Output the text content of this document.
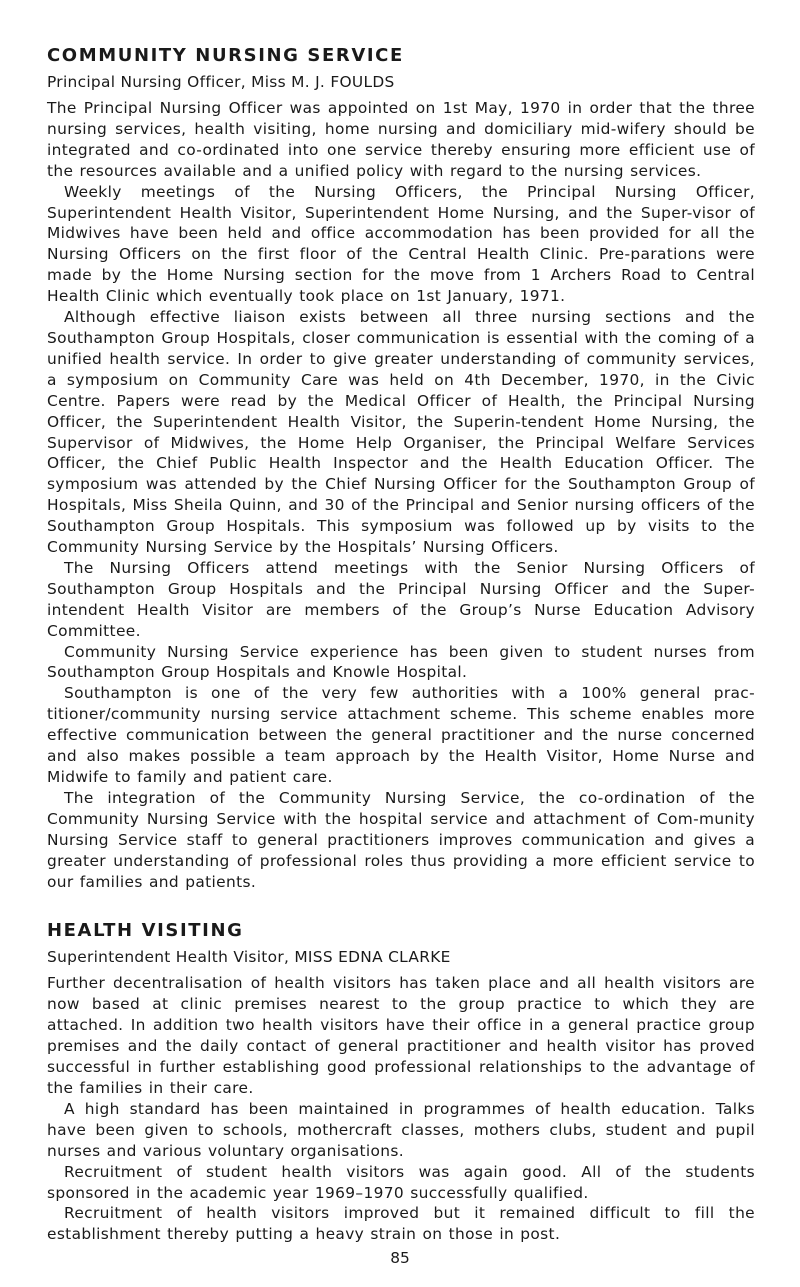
COMMUNITY NURSING SERVICE
Principal Nursing Officer, Miss M. J. FOULDS

The Principal Nursing Officer was appointed on 1st May, 1970 in order that the three nursing services, health visiting, home nursing and domiciliary mid-wifery should be integrated and co-ordinated into one service thereby ensuring more efficient use of the resources available and a unified policy with regard to the nursing services.

Weekly meetings of the Nursing Officers, the Principal Nursing Officer, Superintendent Health Visitor, Superintendent Home Nursing, and the Super-visor of Midwives have been held and office accommodation has been provided for all the Nursing Officers on the first floor of the Central Health Clinic. Pre-parations were made by the Home Nursing section for the move from 1 Archers Road to Central Health Clinic which eventually took place on 1st January, 1971.

Although effective liaison exists between all three nursing sections and the Southampton Group Hospitals, closer communication is essential with the coming of a unified health service. In order to give greater understanding of community services, a symposium on Community Care was held on 4th December, 1970, in the Civic Centre. Papers were read by the Medical Officer of Health, the Principal Nursing Officer, the Superintendent Health Visitor, the Superin-tendent Home Nursing, the Supervisor of Midwives, the Home Help Organiser, the Principal Welfare Services Officer, the Chief Public Health Inspector and the Health Education Officer. The symposium was attended by the Chief Nursing Officer for the Southampton Group of Hospitals, Miss Sheila Quinn, and 30 of the Principal and Senior nursing officers of the Southampton Group Hospitals. This symposium was followed up by visits to the Community Nursing Service by the Hospitals’ Nursing Officers.

The Nursing Officers attend meetings with the Senior Nursing Officers of Southampton Group Hospitals and the Principal Nursing Officer and the Super-intendent Health Visitor are members of the Group’s Nurse Education Advisory Committee.

Community Nursing Service experience has been given to student nurses from Southampton Group Hospitals and Knowle Hospital.

Southampton is one of the very few authorities with a 100% general prac-titioner/community nursing service attachment scheme. This scheme enables more effective communication between the general practitioner and the nurse concerned and also makes possible a team approach by the Health Visitor, Home Nurse and Midwife to family and patient care.

The integration of the Community Nursing Service, the co-ordination of the Community Nursing Service with the hospital service and attachment of Com-munity Nursing Service staff to general practitioners improves communication and gives a greater understanding of professional roles thus providing a more efficient service to our families and patients.

HEALTH VISITING
Superintendent Health Visitor, MISS EDNA CLARKE

Further decentralisation of health visitors has taken place and all health visitors are now based at clinic premises nearest to the group practice to which they are attached. In addition two health visitors have their office in a general practice group premises and the daily contact of general practitioner and health visitor has proved successful in further establishing good professional relationships to the advantage of the families in their care.

A high standard has been maintained in programmes of health education. Talks have been given to schools, mothercraft classes, mothers clubs, student and pupil nurses and various voluntary organisations.

Recruitment of student health visitors was again good. All of the students sponsored in the academic year 1969–1970 successfully qualified.

Recruitment of health visitors improved but it remained difficult to fill the establishment thereby putting a heavy strain on those in post.

85
